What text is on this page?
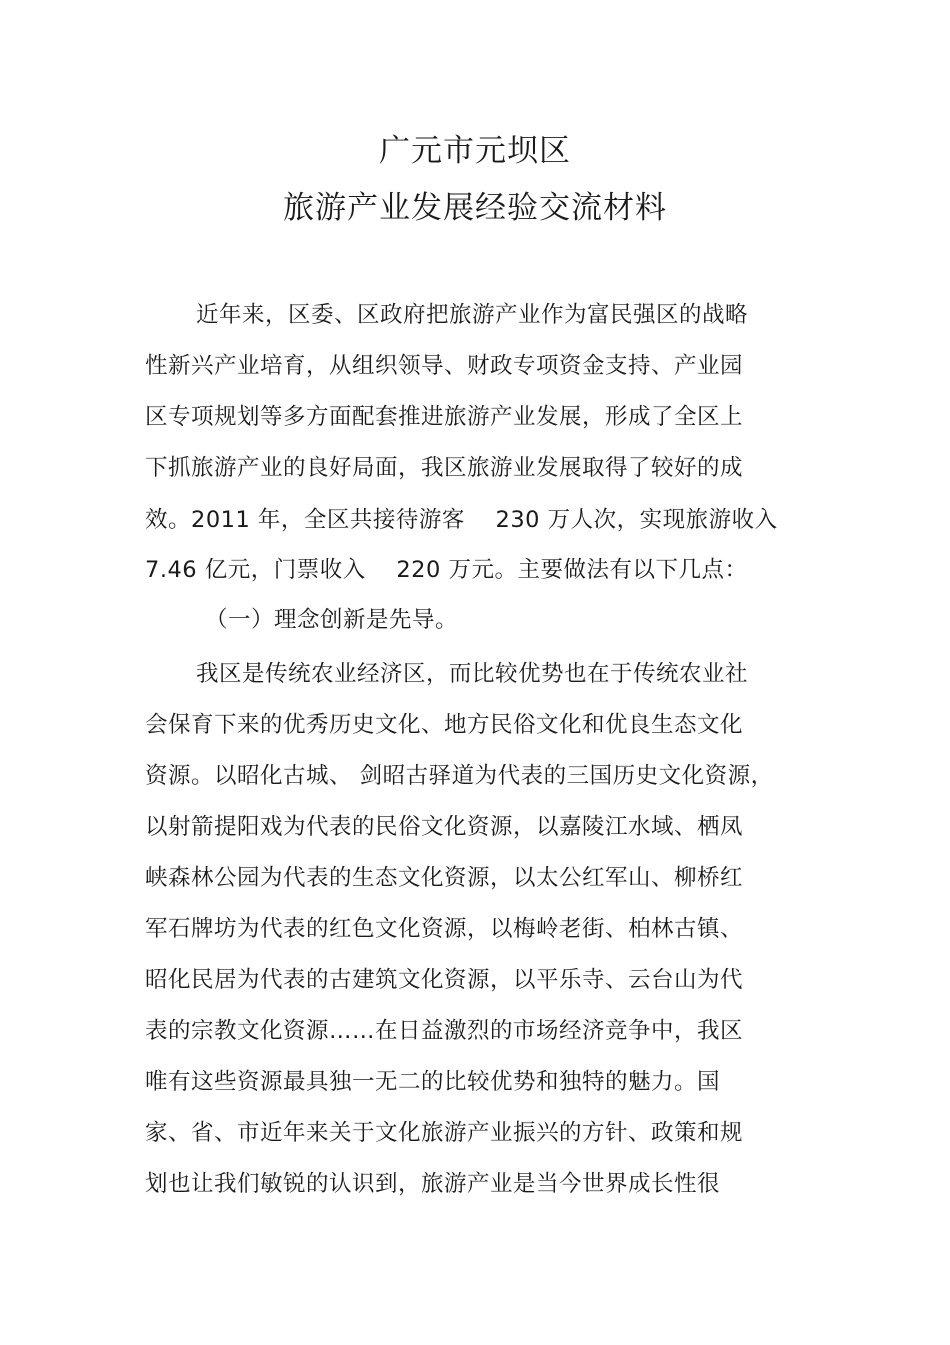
广元市元坝区
旅游产业发展经验交流材料
近年来，区委、区政府把旅游产业作为富民强区的战略
性新兴产业培育，从组织领导、财政专项资金支持、产业园
区专项规划等多方面配套推进旅游产业发展，形成了全区上
下抓旅游产业的良好局面，我区旅游业发展取得了较好的成
效。2011 年，全区共接待游客    230 万人次，实现旅游收入
7.46 亿元，门票收入    220 万元。主要做法有以下几点：
（一）理念创新是先导。
我区是传统农业经济区，而比较优势也在于传统农业社
会保育下来的优秀历史文化、地方民俗文化和优良生态文化
资源。以昭化古城、 剑昭古驿道为代表的三国历史文化资源，
以射箭提阳戏为代表的民俗文化资源，以嘉陵江水域、栖凤
峡森林公园为代表的生态文化资源，以太公红军山、柳桥红
军石牌坊为代表的红色文化资源，以梅岭老街、柏林古镇、
昭化民居为代表的古建筑文化资源，以平乐寺、云台山为代
表的宗教文化资源……在日益激烈的市场经济竞争中，我区
唯有这些资源最具独一无二的比较优势和独特的魅力。国
家、省、市近年来关于文化旅游产业振兴的方针、政策和规
划也让我们敏锐的认识到，旅游产业是当今世界成长性很
